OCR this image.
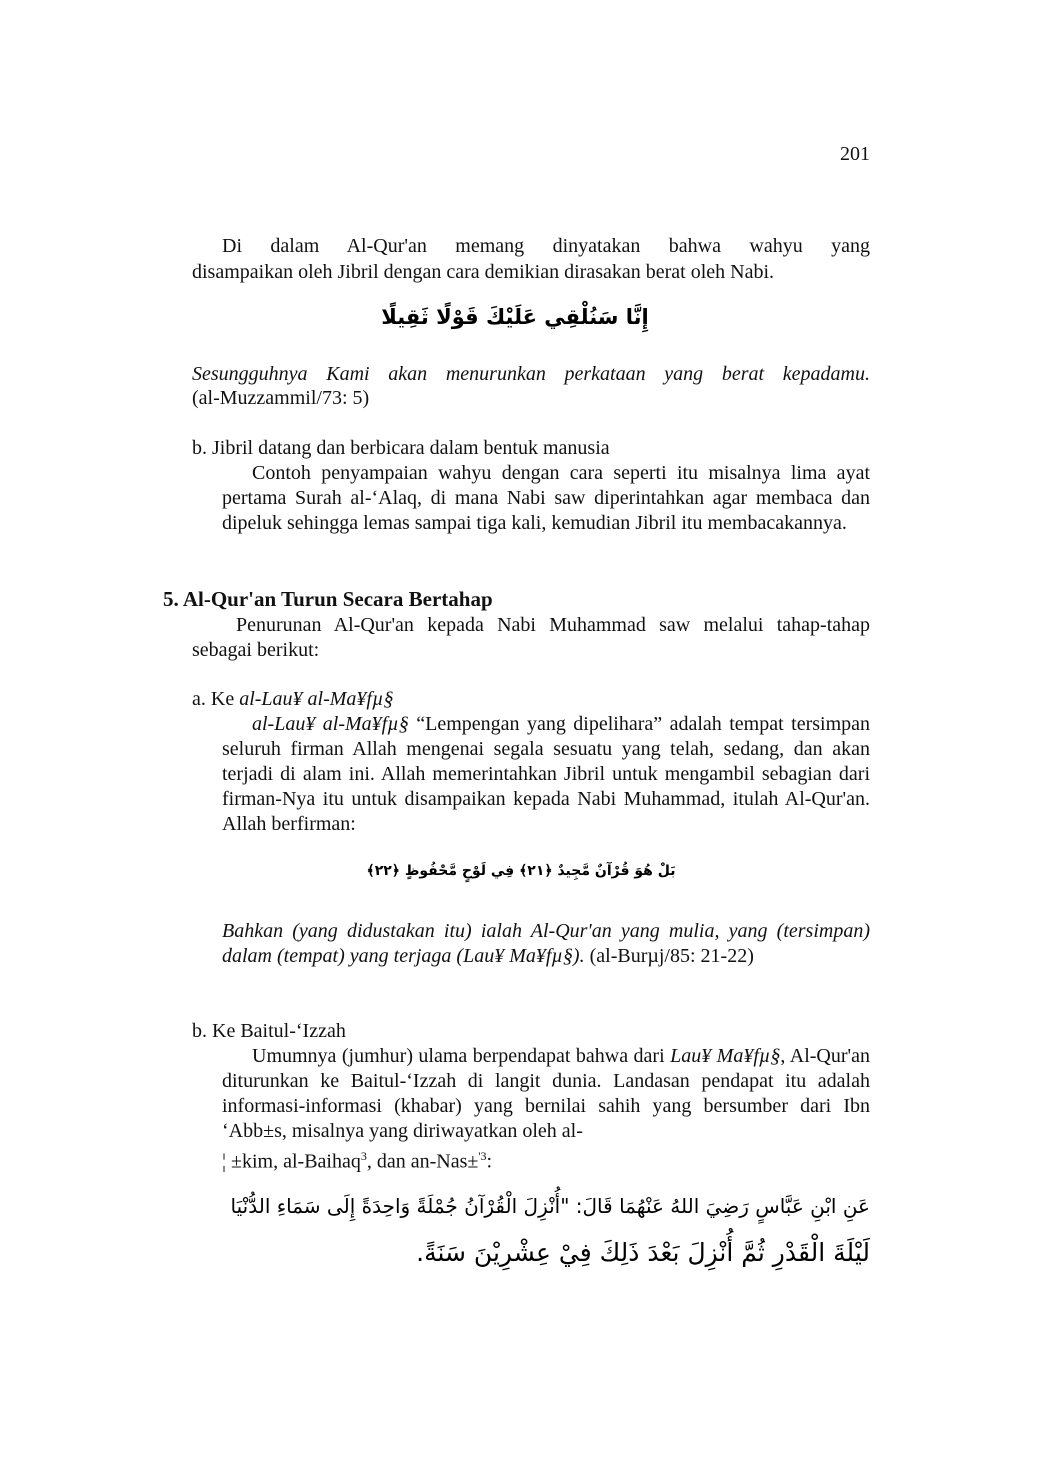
201
Di dalam Al-Qur'an memang dinyatakan bahwa wahyu yang
disampaikan oleh Jibril dengan cara demikian dirasakan berat oleh Nabi.
إِنَّا سَنُلْقِي عَلَيْكَ قَوْلًا ثَقِيلًا
Sesungguhnya Kami akan menurunkan perkataan yang berat kepadamu.
(al-Muzzammil/73: 5)
b. Jibril datang dan berbicara dalam bentuk manusia
Contoh penyampaian wahyu dengan cara seperti itu misalnya lima ayat pertama Surah al-‘Alaq, di mana Nabi saw diperintahkan agar membaca dan dipeluk sehingga lemas sampai tiga kali, kemudian Jibril itu membacakannya.
5. Al-Qur'an Turun Secara Bertahap
Penurunan Al-Qur'an kepada Nabi Muhammad saw melalui tahap-tahap sebagai berikut:
a. Ke al-Lau¥ al-Ma¥fµ§
al-Lau¥ al-Ma¥fµ§ “Lempengan yang dipelihara” adalah tempat tersimpan seluruh firman Allah mengenai segala sesuatu yang telah, sedang, dan akan terjadi di alam ini. Allah memerintahkan Jibril untuk mengambil sebagian dari firman-Nya itu untuk disampaikan kepada Nabi Muhammad, itulah Al-Qur'an. Allah berfirman:
بَلْ هُوَ قُرْآنٌ مَّجِيدٌ ﴿٢١﴾ فِي لَوْحٍ مَّحْفُوظٍ ﴿٢٢﴾
Bahkan (yang didustakan itu) ialah Al-Qur'an yang mulia, yang (tersimpan) dalam (tempat) yang terjaga (Lau¥ Ma¥fµ§). (al-Burµj/85: 21-22)
b. Ke Baitul-‘Izzah
Umumnya (jumhur) ulama berpendapat bahwa dari Lau¥ Ma¥fµ§, Al-Qur'an diturunkan ke Baitul-‘Izzah di langit dunia. Landasan pendapat itu adalah informasi-informasi (khabar) yang bernilai sahih yang bersumber dari Ibn ‘Abb±s, misalnya yang diriwayatkan oleh al-
¦ ±kim, al-Baihaq$^3$, dan an-Nas±$^{'3}$:
عَنِ ابْنِ عَبَّاسٍ رَضِيَ اللهُ عَنْهُمَا قَالَ: "أُنْزِلَ الْقُرْآنُ جُمْلَةً وَاحِدَةً إِلَى سَمَاءِ الدُّنْيَا
لَيْلَةَ الْقَدْرِ ثُمَّ أُنْزِلَ بَعْدَ ذَلِكَ فِيْ عِشْرِيْنَ سَنَةً.
